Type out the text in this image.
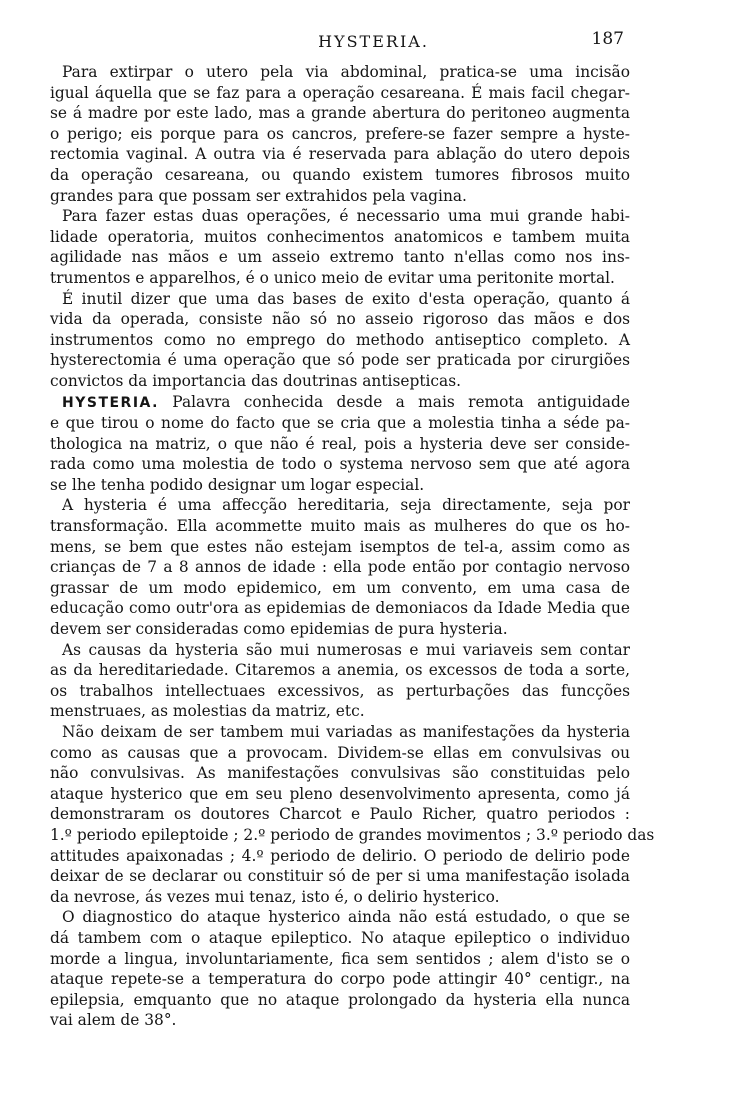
HYSTERIA.	187
Para extirpar o utero pela via abdominal, pratica-se uma incisão
igual áquella que se faz para a operação cesareana. É mais facil chegar-
se á madre por este lado, mas a grande abertura do peritoneo augmenta
o perigo; eis porque para os cancros, prefere-se fazer sempre a hyste-
rectomia vaginal. A outra via é reservada para ablação do utero depois
da operação cesareana, ou quando existem tumores fibrosos muito
grandes para que possam ser extrahidos pela vagina.
Para fazer estas duas operações, é necessario uma mui grande habi-
lidade operatoria, muitos conhecimentos anatomicos e tambem muita
agilidade nas mãos e um asseio extremo tanto n'ellas como nos ins-
trumentos e apparelhos, é o unico meio de evitar uma peritonite mortal.
É inutil dizer que uma das bases de exito d'esta operação, quanto á
vida da operada, consiste não só no asseio rigoroso das mãos e dos
instrumentos como no emprego do methodo antiseptico completo. A
hysterectomia é uma operação que só pode ser praticada por cirurgiões
convictos da importancia das doutrinas antisepticas.
HYSTERIA. Palavra conhecida desde a mais remota antiguidade
e que tirou o nome do facto que se cria que a molestia tinha a séde pa-
thologica na matriz, o que não é real, pois a hysteria deve ser conside-
rada como uma molestia de todo o systema nervoso sem que até agora
se lhe tenha podido designar um logar especial.
A hysteria é uma affecção hereditaria, seja directamente, seja por
transformação. Ella acommette muito mais as mulheres do que os ho-
mens, se bem que estes não estejam isemptos de tel-a, assim como as
crianças de 7 a 8 annos de idade : ella pode então por contagio nervoso
grassar de um modo epidemico, em um convento, em uma casa de
educação como outr'ora as epidemias de demoniacos da Idade Media que
devem ser consideradas como epidemias de pura hysteria.
As causas da hysteria são mui numerosas e mui variaveis sem contar
as da hereditariedade. Citaremos a anemia, os excessos de toda a sorte,
os trabalhos intellectuaes excessivos, as perturbações das funcções
menstruaes, as molestias da matriz, etc.
Não deixam de ser tambem mui variadas as manifestações da hysteria
como as causas que a provocam. Dividem-se ellas em convulsivas ou
não convulsivas. As manifestações convulsivas são constituidas pelo
ataque hysterico que em seu pleno desenvolvimento apresenta, como já
demonstraram os doutores Charcot e Paulo Richer, quatro periodos :
1.º periodo epileptoide ; 2.º periodo de grandes movimentos ; 3.º periodo das
attitudes apaixonadas ; 4.º periodo de delirio. O periodo de delirio pode
deixar de se declarar ou constituir só de per si uma manifestação isolada
da nevrose, ás vezes mui tenaz, isto é, o delirio hysterico.
O diagnostico do ataque hysterico ainda não está estudado, o que se
dá tambem com o ataque epileptico. No ataque epileptico o individuo
morde a lingua, involuntariamente, fica sem sentidos ; alem d'isto se o
ataque repete-se a temperatura do corpo pode attingir 40° centigr., na
epilepsia, emquanto que no ataque prolongado da hysteria ella nunca
vai alem de 38°.
